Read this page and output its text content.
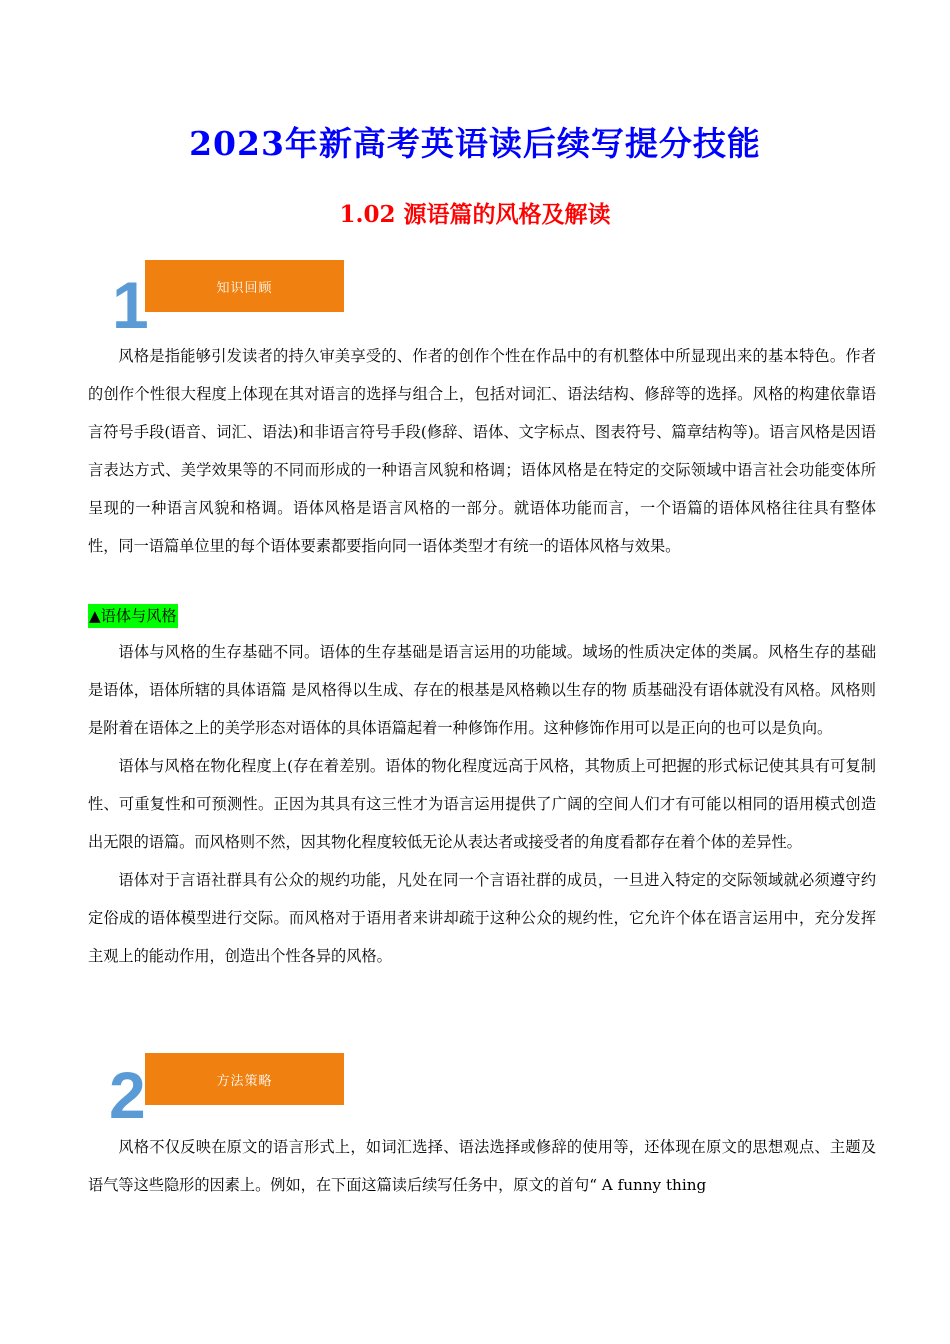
2023年新高考英语读后续写提分技能
1.02 源语篇的风格及解读
知识回顾
1

风格是指能够引发读者的持久审美享受的、作者的创作个性在作品中的有机整体中所显现出来的基本特色。作者的创作个性很大程度上体现在其对语言的选择与组合上，包括对词汇、语法结构、修辞等的选择。风格的构建依靠语言符号手段(语音、词汇、语法)和非语言符号手段(修辞、语体、文字标点、图表符号、篇章结构等)。语言风格是因语言表达方式、美学效果等的不同而形成的一种语言风貌和格调；语体风格是在特定的交际领域中语言社会功能变体所呈现的一种语言风貌和格调。语体风格是语言风格的一部分。就语体功能而言，一个语篇的语体风格往往具有整体性，同一语篇单位里的每个语体要素都要指向同一语体类型才有统一的语体风格与效果。

▲语体与风格

语体与风格的生存基础不同。语体的生存基础是语言运用的功能域。域场的性质决定体的类属。风格生存的基础是语体，语体所辖的具体语篇 是风格得以生成、存在的根基是风格赖以生存的物 质基础没有语体就没有风格。风格则是附着在语体之上的美学形态对语体的具体语篇起着一种修饰作用。这种修饰作用可以是正向的也可以是负向。

语体与风格在物化程度上(存在着差别。语体的物化程度远高于风格，其物质上可把握的形式标记使其具有可复制性、可重复性和可预测性。正因为其具有这三性才为语言运用提供了广阔的空间人们才有可能以相同的语用模式创造出无限的语篇。而风格则不然，因其物化程度较低无论从表达者或接受者的角度看都存在着个体的差异性。

语体对于言语社群具有公众的规约功能，凡处在同一个言语社群的成员，一旦进入特定的交际领域就必须遵守约定俗成的语体模型进行交际。而风格对于语用者来讲却疏于这种公众的规约性，它允许个体在语言运用中，充分发挥主观上的能动作用，创造出个性各异的风格。

方法策略
2

风格不仅反映在原文的语言形式上，如词汇选择、语法选择或修辞的使用等，还体现在原文的思想观点、主题及语气等这些隐形的因素上。例如，在下面这篇读后续写任务中，原文的首句“ A funny thing
